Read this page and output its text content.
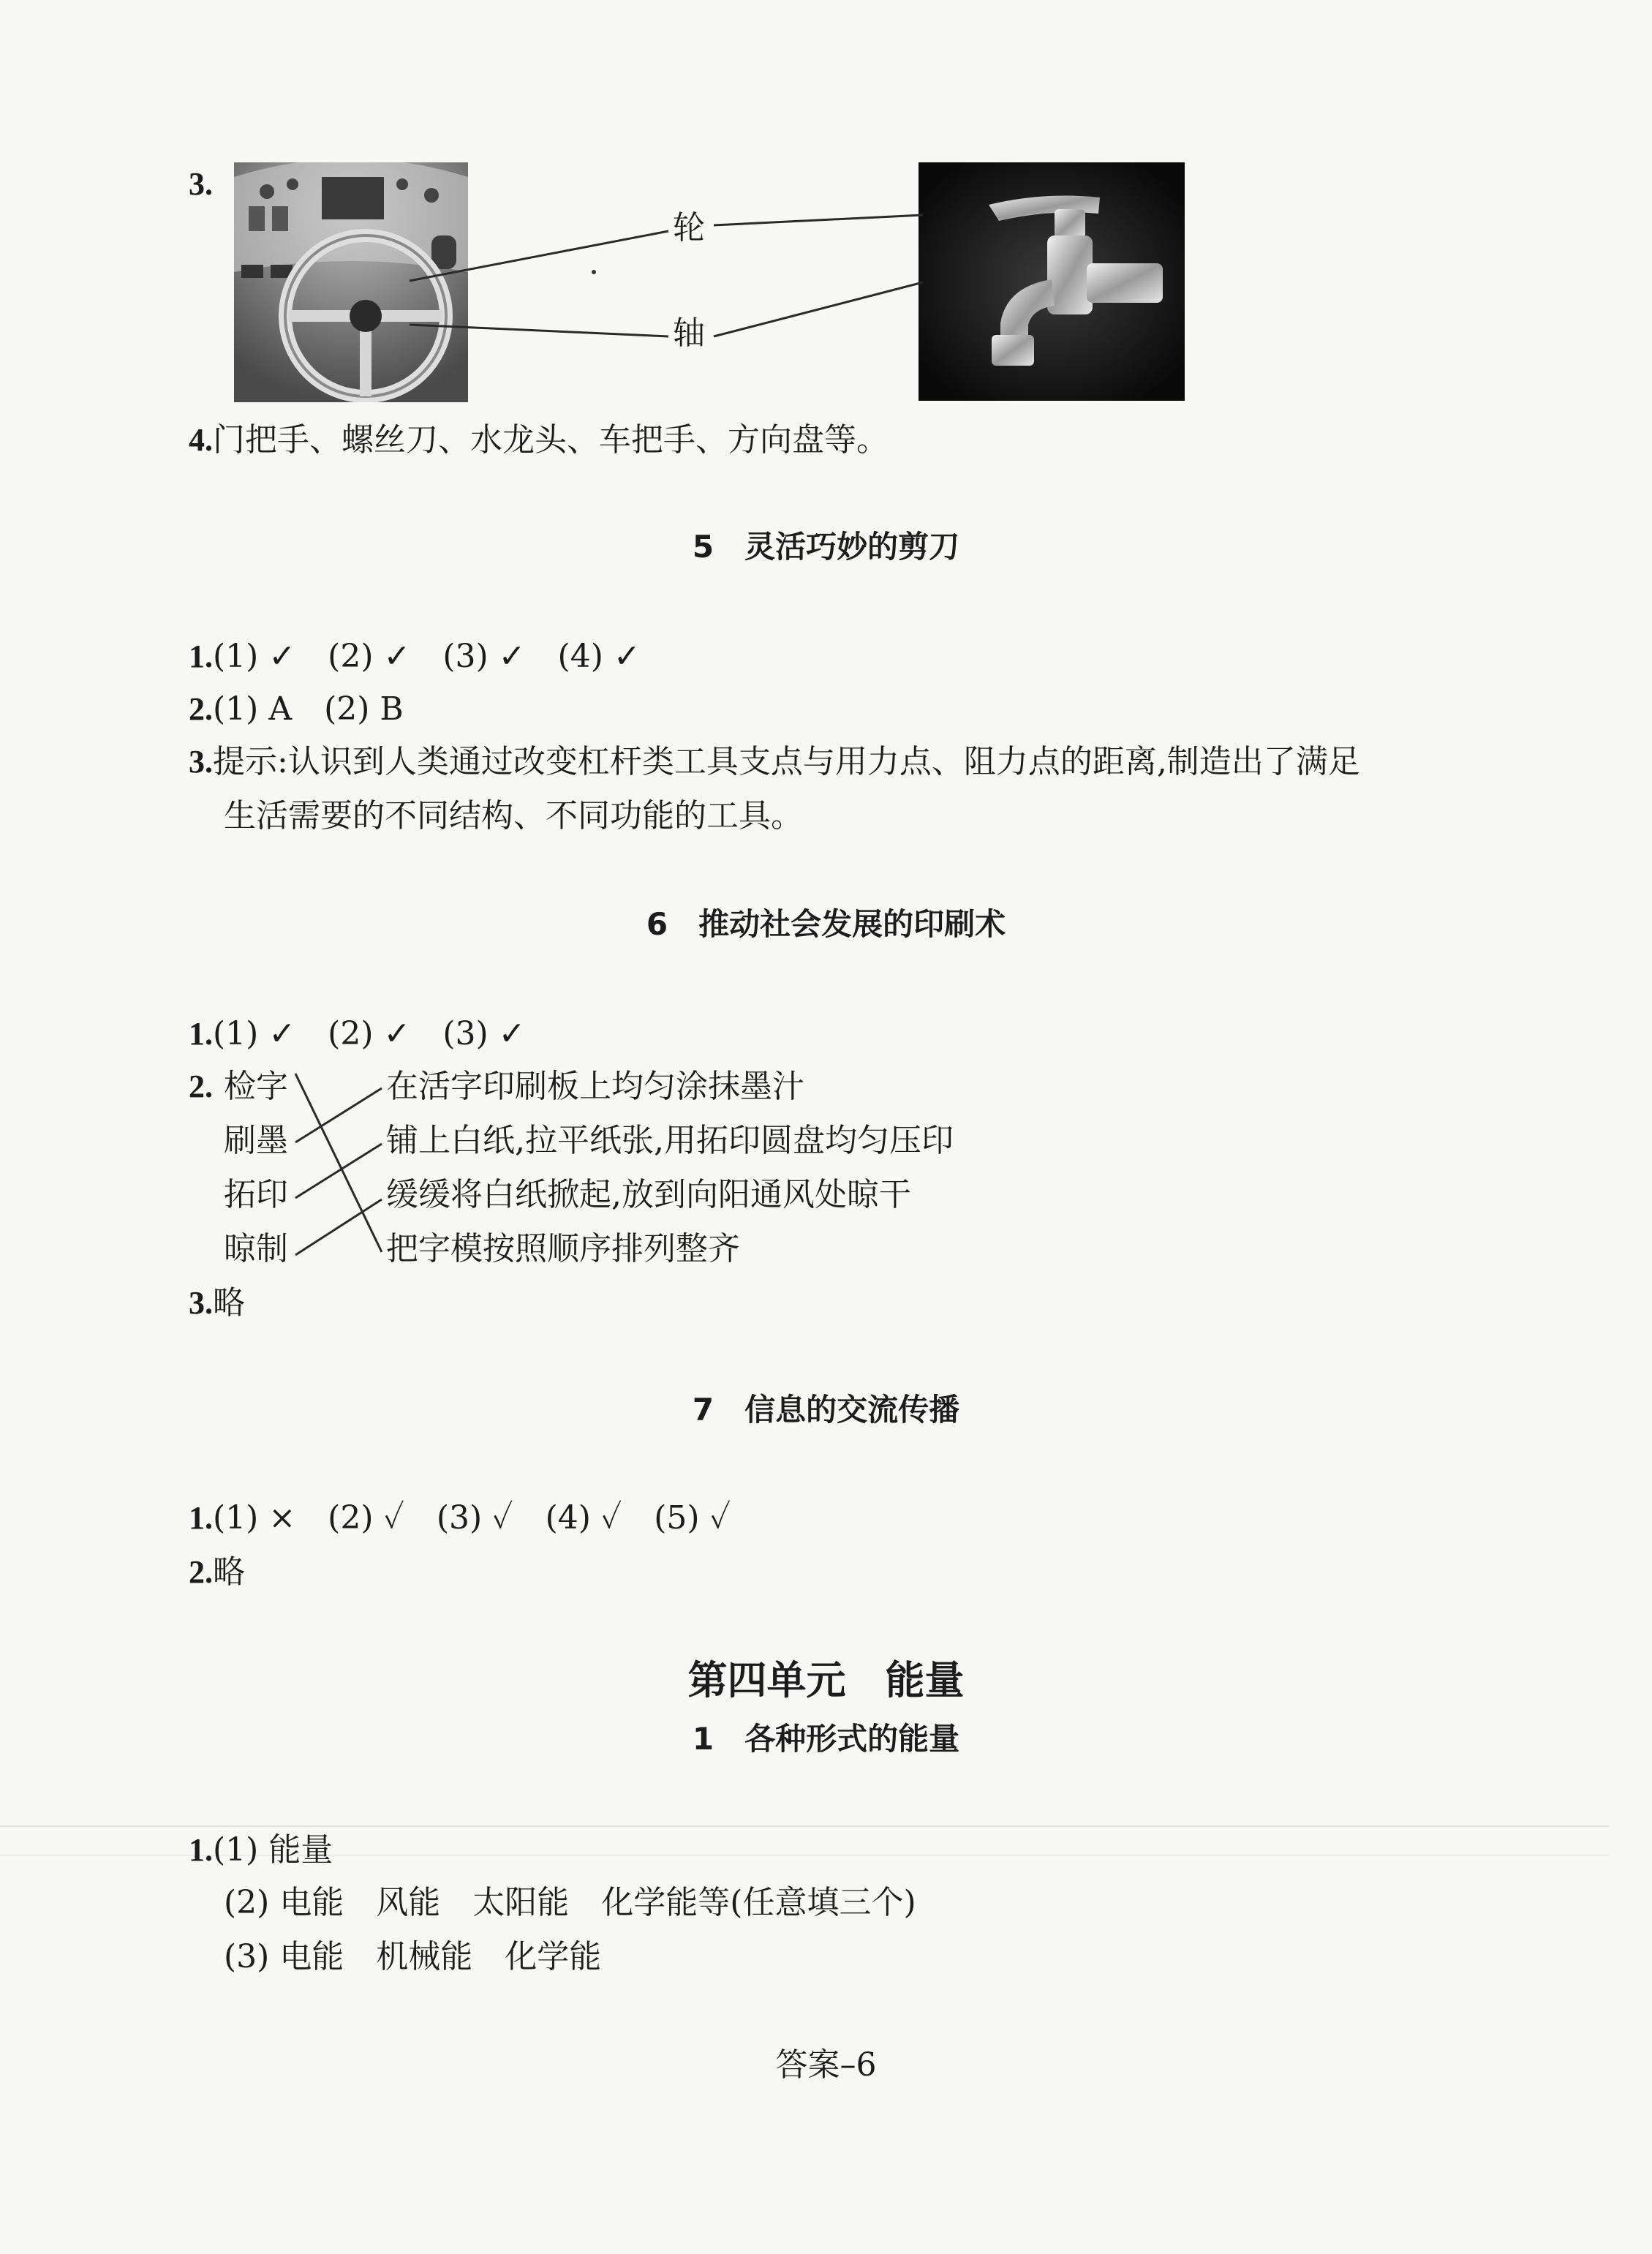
3.
轮
轴
4.门把手、螺丝刀、水龙头、车把手、方向盘等。
5　灵活巧妙的剪刀
1.(1) ✓　(2) ✓　(3) ✓　(4) ✓
2.(1) A　(2) B
3.提示:认识到人类通过改变杠杆类工具支点与用力点、阻力点的距离,制造出了满足
生活需要的不同结构、不同功能的工具。
6　推动社会发展的印刷术
1.(1) ✓　(2) ✓　(3) ✓
2. 检字
刷墨
拓印
晾制
在活字印刷板上均匀涂抹墨汁
铺上白纸,拉平纸张,用拓印圆盘均匀压印
缓缓将白纸掀起,放到向阳通风处晾干
把字模按照顺序排列整齐
3.略
7　信息的交流传播
1.(1) ×　(2) ✓　(3) ✓　(4) ✓　(5) ✓
2.略
第四单元　能量
1　各种形式的能量
1.(1) 能量
(2) 电能　风能　太阳能　化学能等(任意填三个)
(3) 电能　机械能　化学能
答案–6
